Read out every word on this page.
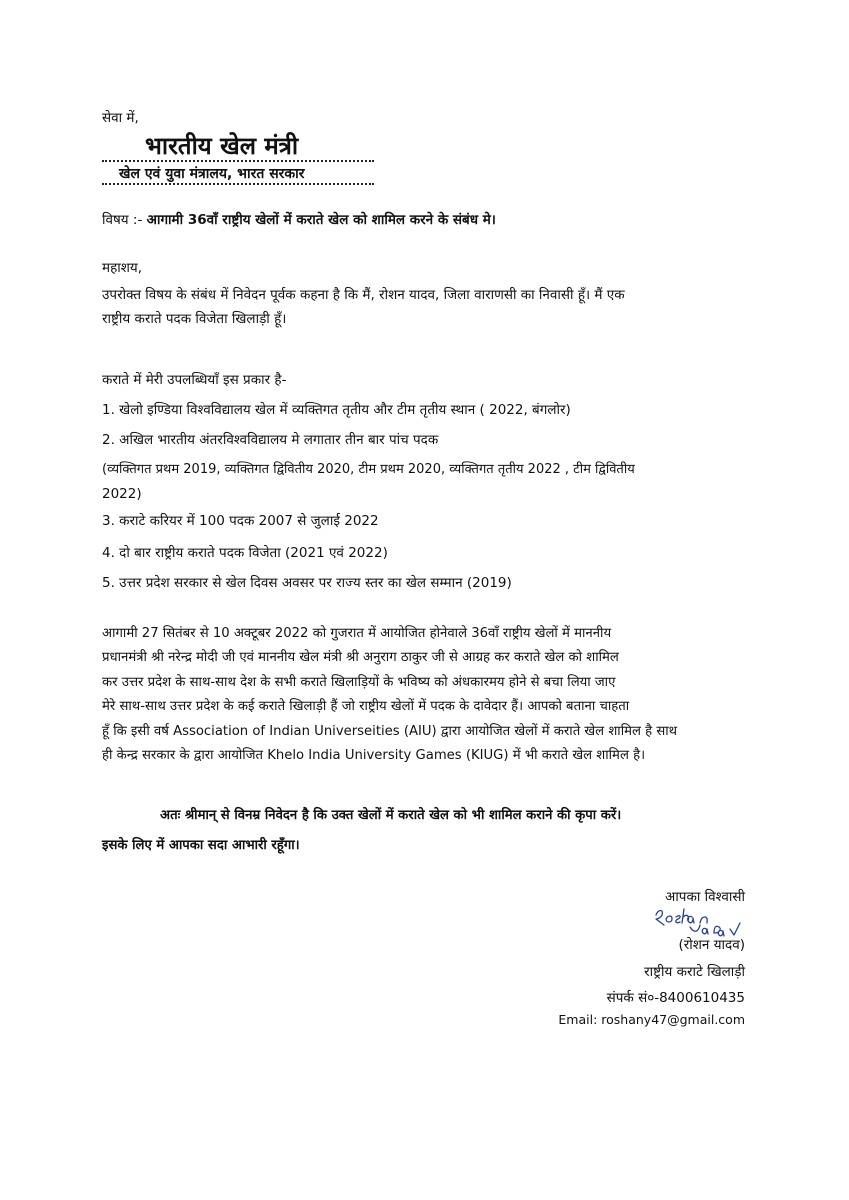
सेवा में,
भारतीय खेल मंत्री
खेल एवं युवा मंत्रालय, भारत सरकार
विषय :- आगामी 36वाँ राष्ट्रीय खेलों में कराते खेल को शामिल करने के संबंध मे।
महाशय,
उपरोक्त विषय के संबंध में निवेदन पूर्वक कहना है कि मैं, रोशन यादव, जिला वाराणसी का निवासी हूँ। मैं एक
राष्ट्रीय कराते पदक विजेता खिलाड़ी हूँ।
कराते में मेरी उपलब्धियाँ इस प्रकार है-
1. खेलो इण्डिया विश्वविद्यालय खेल में व्यक्तिगत तृतीय और टीम तृतीय स्थान ( 2022, बंगलोर)
2. अखिल भारतीय अंतरविश्वविद्यालय मे लगातार तीन बार पांच पदक
(व्यक्तिगत प्रथम 2019, व्यक्तिगत द्विवितीय 2020, टीम प्रथम 2020, व्यक्तिगत तृतीय 2022 , टीम द्विवितीय
2022)
3. कराटे करियर में 100 पदक 2007 से जुलाई 2022
4. दो बार राष्ट्रीय कराते पदक विजेता (2021 एवं 2022)
5. उत्तर प्रदेश सरकार से खेल दिवस अवसर पर राज्य स्तर का खेल सम्मान (2019)
आगामी 27 सितंबर से 10 अक्टूबर 2022 को गुजरात में आयोजित होनेवाले 36वाँ राष्ट्रीय खेलों में माननीय
प्रधानमंत्री श्री नरेन्द्र मोदी जी एवं माननीय खेल मंत्री श्री अनुराग ठाकुर जी से आग्रह कर कराते खेल को शामिल
कर उत्तर प्रदेश के साथ-साथ देश के सभी कराते खिलाड़ियों के भविष्य को अंधकारमय होने से बचा लिया जाए
मेरे साथ-साथ उत्तर प्रदेश के कई कराते खिलाड़ी हैं जो राष्ट्रीय खेलों में पदक के दावेदार हैं। आपको बताना चाहता
हूँ कि इसी वर्ष Association of Indian Universeities (AIU) द्वारा आयोजित खेलों में कराते खेल शामिल है साथ
ही केन्द्र सरकार के द्वारा आयोजित Khelo India University Games (KIUG) में भी कराते खेल शामिल है।
अतः श्रीमान् से विनम्र निवेदन है कि उक्त खेलों में कराते खेल को भी शामिल कराने की कृपा करें।
इसके लिए में आपका सदा आभारी रहूँगा।
आपका विश्वासी
Roshan Yadav
(रोशन यादव)
राष्ट्रीय कराटे खिलाड़ी
संपर्क सं०-8400610435
Email: roshany47@gmail.com
